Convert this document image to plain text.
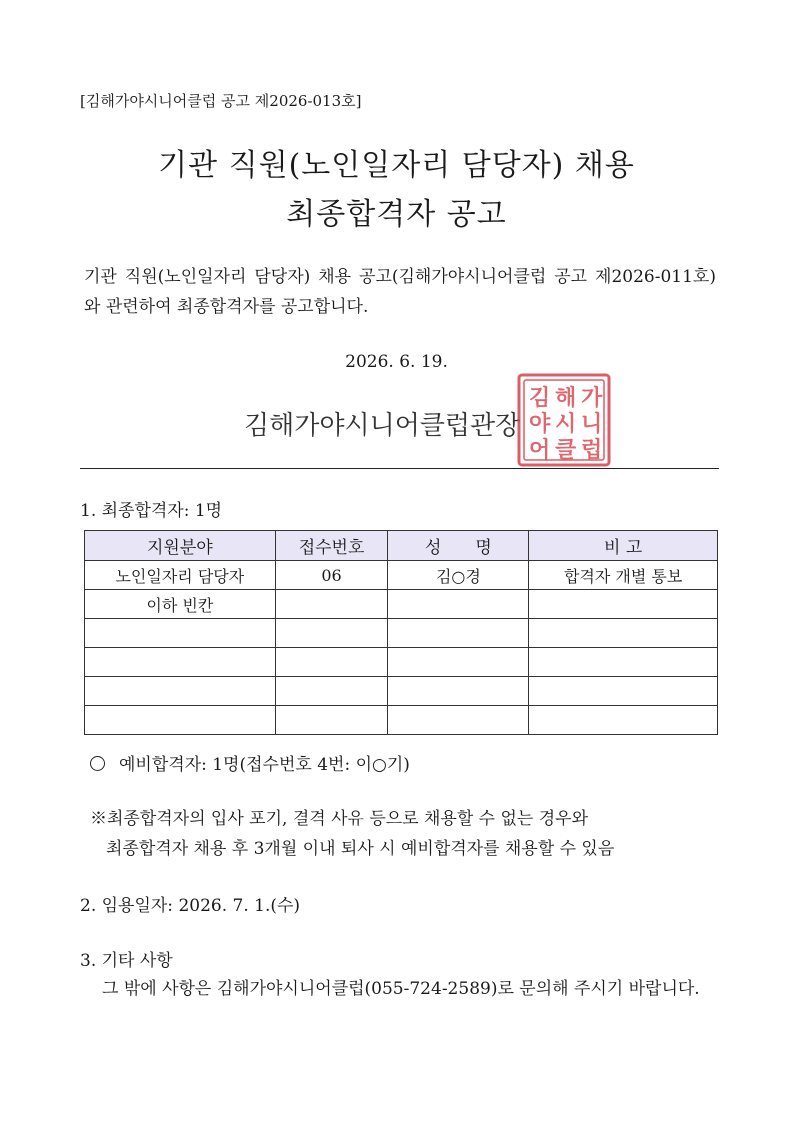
[김해가야시니어클럽 공고 제2026-013호]
기관 직원(노인일자리 담당자) 채용
최종합격자 공고
기관 직원(노인일자리 담당자) 채용 공고(김해가야시니어클럽 공고 제2026-011호)와 관련하여 최종합격자를 공고합니다.
2026. 6. 19.
김해가야시니어클럽관장
김 해 가
야 시 니
어 클 럽
1. 최종합격자: 1명
지원분야	접수번호	성　　명	비 고
노인일자리 담당자	06	김○경	합격자 개별 통보
이하 빈칸			

예비합격자: 1명(접수번호 4번: 이○기)
※최종합격자의 입사 포기, 결격 사유 등으로 채용할 수 없는 경우와
최종합격자 채용 후 3개월 이내 퇴사 시 예비합격자를 채용할 수 있음
2. 임용일자: 2026. 7. 1.(수)
3. 기타 사항
그 밖에 사항은 김해가야시니어클럽(055-724-2589)로 문의해 주시기 바랍니다.
